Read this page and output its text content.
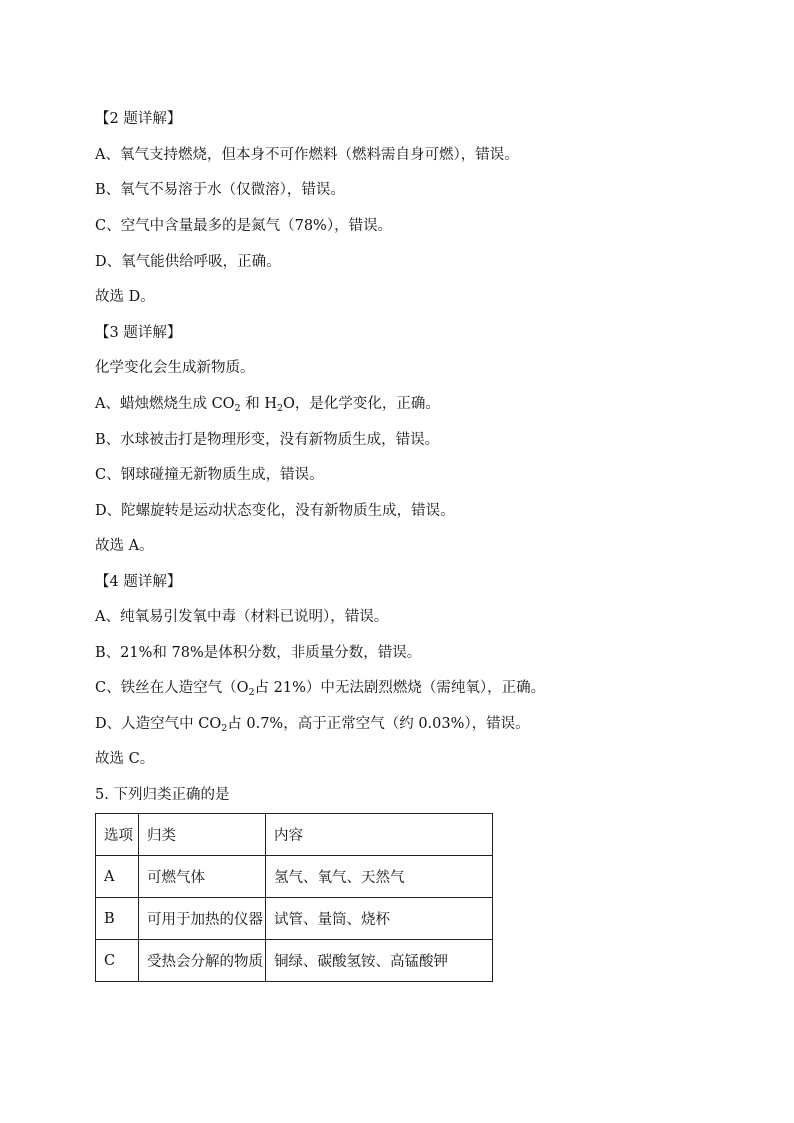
【2 题详解】
A、氧气支持燃烧，但本身不可作燃料（燃料需自身可燃），错误。
B、氧气不易溶于水（仅微溶），错误。
C、空气中含量最多的是氮气（78%），错误。
D、氧气能供给呼吸，正确。
故选 D。
【3 题详解】
化学变化会生成新物质。
A、蜡烛燃烧生成 $CO_2$ 和 $H_2O$，是化学变化，正确。
B、水球被击打是物理形变，没有新物质生成，错误。
C、钢球碰撞无新物质生成，错误。
D、陀螺旋转是运动状态变化，没有新物质生成，错误。
故选 A。
【4 题详解】
A、纯氧易引发氧中毒（材料已说明），错误。
B、21%和 78%是体积分数，非质量分数，错误。
C、铁丝在人造空气（$O_2$占 21%）中无法剧烈燃烧（需纯氧），正确。
D、人造空气中 $CO_2$占 0.7%，高于正常空气（约 0.03%），错误。
故选 C。
5. 下列归类正确的是
选项	归类	内容
A	可燃气体	氢气、氧气、天然气
B	可用于加热的仪器	试管、量筒、烧杯
C	受热会分解的物质	铜绿、碳酸氢铵、高锰酸钾
